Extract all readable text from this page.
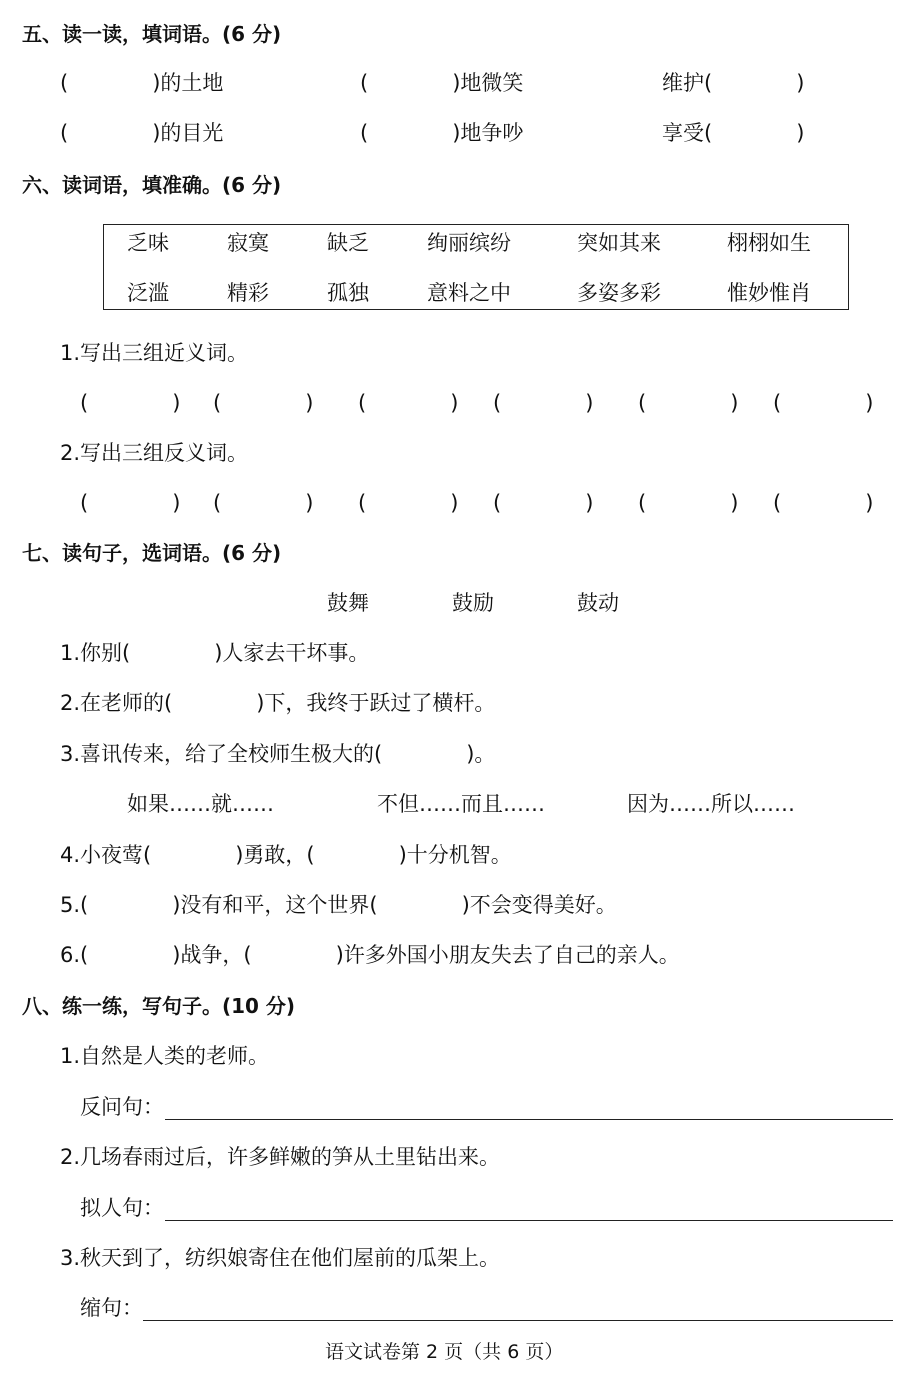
五、读一读，填词语。(6 分)
(　　　　)的土地	(　　　　)地微笑	维护(　　　　)
(　　　　)的目光	(　　　　)地争吵	享受(　　　　)
六、读词语，填准确。(6 分)
乏味	寂寞	缺乏	绚丽缤纷	突如其来	栩栩如生
泛滥	精彩	孤独	意料之中	多姿多彩	惟妙惟肖
1.写出三组近义词。
(　　　　) (　　　　) (　　　　) (　　　　) (　　　　) (　　　　)
2.写出三组反义词。
(　　　　) (　　　　) (　　　　) (　　　　) (　　　　) (　　　　)
七、读句子，选词语。(6 分)
鼓舞	鼓励	鼓动
1.你别(　　　　)人家去干坏事。
2.在老师的(　　　　)下，我终于跃过了横杆。
3.喜讯传来，给了全校师生极大的(　　　　)。
如果……就……	不但……而且……	因为……所以……
4.小夜莺(　　　　)勇敢，(　　　　)十分机智。
5.(　　　　)没有和平，这个世界(　　　　)不会变得美好。
6.(　　　　)战争，(　　　　)许多外国小朋友失去了自己的亲人。
八、练一练，写句子。(10 分)
1.自然是人类的老师。
反问句：
2.几场春雨过后，许多鲜嫩的笋从土里钻出来。
拟人句：
3.秋天到了，纺织娘寄住在他们屋前的瓜架上。
缩句：
语文试卷第 2 页（共 6 页）
